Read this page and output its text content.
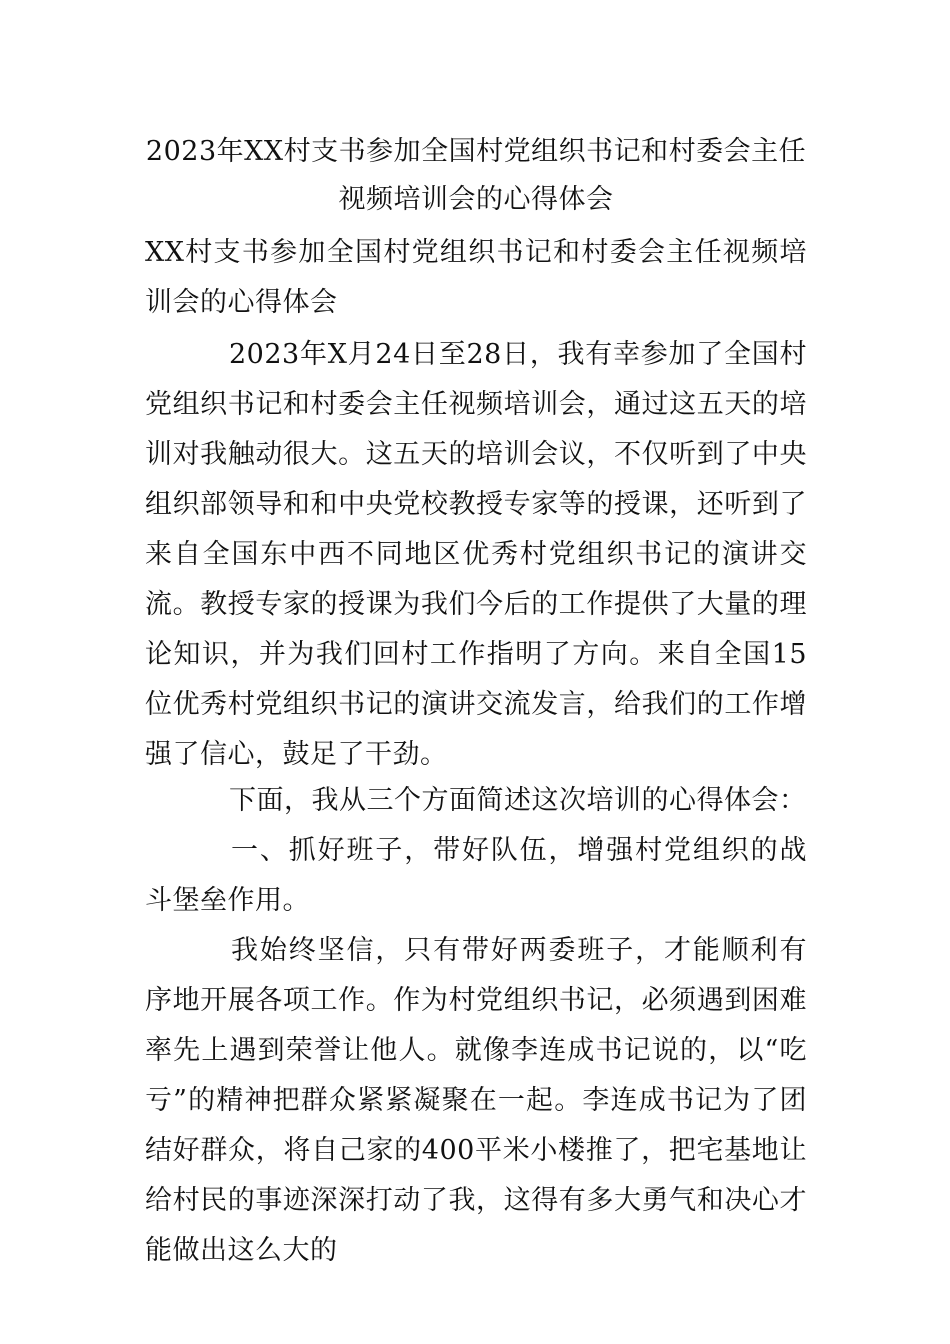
2023年XX村支书参加全国村党组织书记和村委会主任视频培训会的心得体会
XX村支书参加全国村党组织书记和村委会主任视频培训会的心得体会
2023年X月24日至28日，我有幸参加了全国村党组织书记和村委会主任视频培训会，通过这五天的培训对我触动很大。这五天的培训会议，不仅听到了中央组织部领导和和中央党校教授专家等的授课，还听到了来自全国东中西不同地区优秀村党组织书记的演讲交流。教授专家的授课为我们今后的工作提供了大量的理论知识，并为我们回村工作指明了方向。来自全国15位优秀村党组织书记的演讲交流发言，给我们的工作增强了信心，鼓足了干劲。
下面，我从三个方面简述这次培训的心得体会：
一、抓好班子，带好队伍，增强村党组织的战斗堡垒作用。
我始终坚信，只有带好两委班子，才能顺利有序地开展各项工作。作为村党组织书记，必须遇到困难率先上遇到荣誉让他人。就像李连成书记说的，以“吃亏”的精神把群众紧紧凝聚在一起。李连成书记为了团结好群众，将自己家的400平米小楼推了，把宅基地让给村民的事迹深深打动了我，这得有多大勇气和决心才能做出这么大的
